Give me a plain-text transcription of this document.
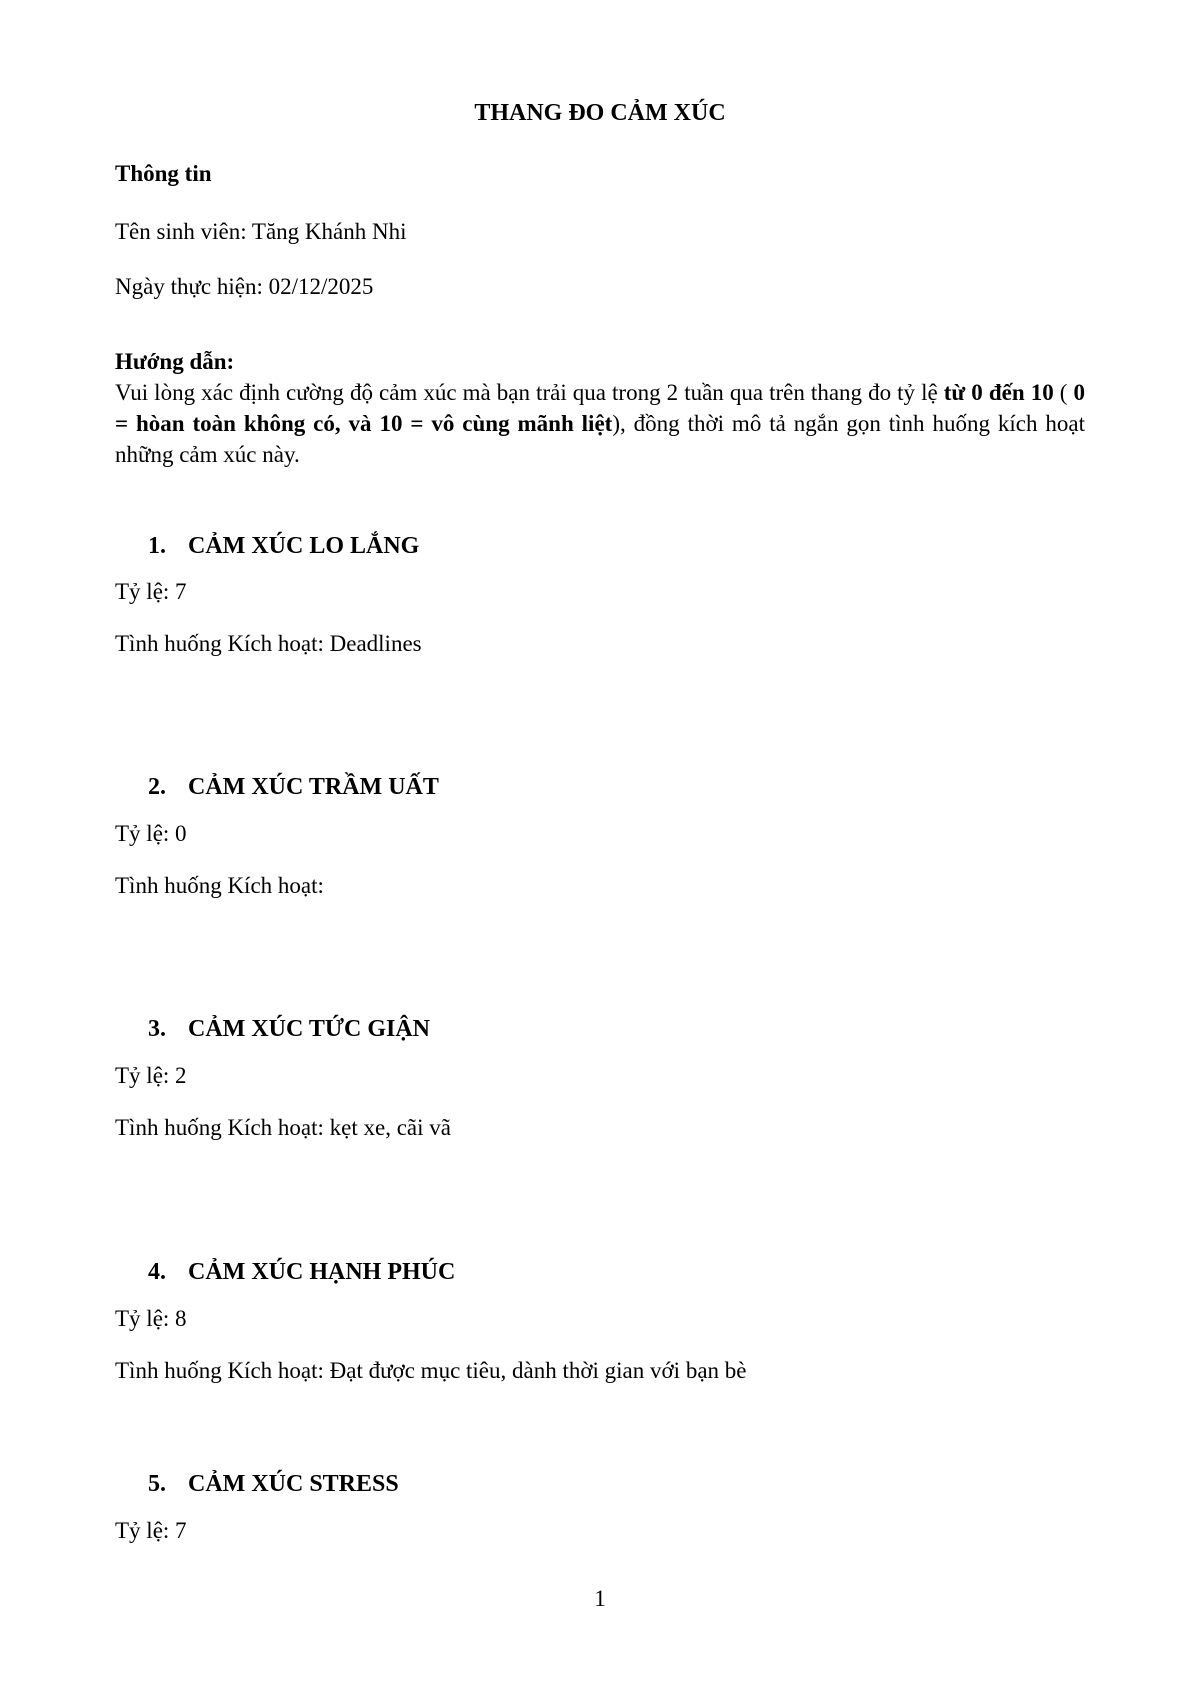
THANG ĐO CẢM XÚC
Thông tin
Tên sinh viên: Tăng Khánh Nhi
Ngày thực hiện: 02/12/2025
Hướng dẫn:
Vui lòng xác định cường độ cảm xúc mà bạn trải qua trong 2 tuần qua trên thang đo tỷ lệ từ 0 đến 10 ( 0 = hòan toàn không có, và 10 = vô cùng mãnh liệt), đồng thời mô tả ngắn gọn tình huống kích hoạt những cảm xúc này.
1. CẢM XÚC LO LẮNG
Tỷ lệ: 7
Tình huống Kích hoạt: Deadlines
2. CẢM XÚC TRẦM UẤT
Tỷ lệ: 0
Tình huống Kích hoạt:
3. CẢM XÚC TỨC GIẬN
Tỷ lệ: 2
Tình huống Kích hoạt: kẹt xe, cãi vã
4. CẢM XÚC HẠNH PHÚC
Tỷ lệ: 8
Tình huống Kích hoạt: Đạt được mục tiêu, dành thời gian với bạn bè
5. CẢM XÚC STRESS
Tỷ lệ: 7
1
